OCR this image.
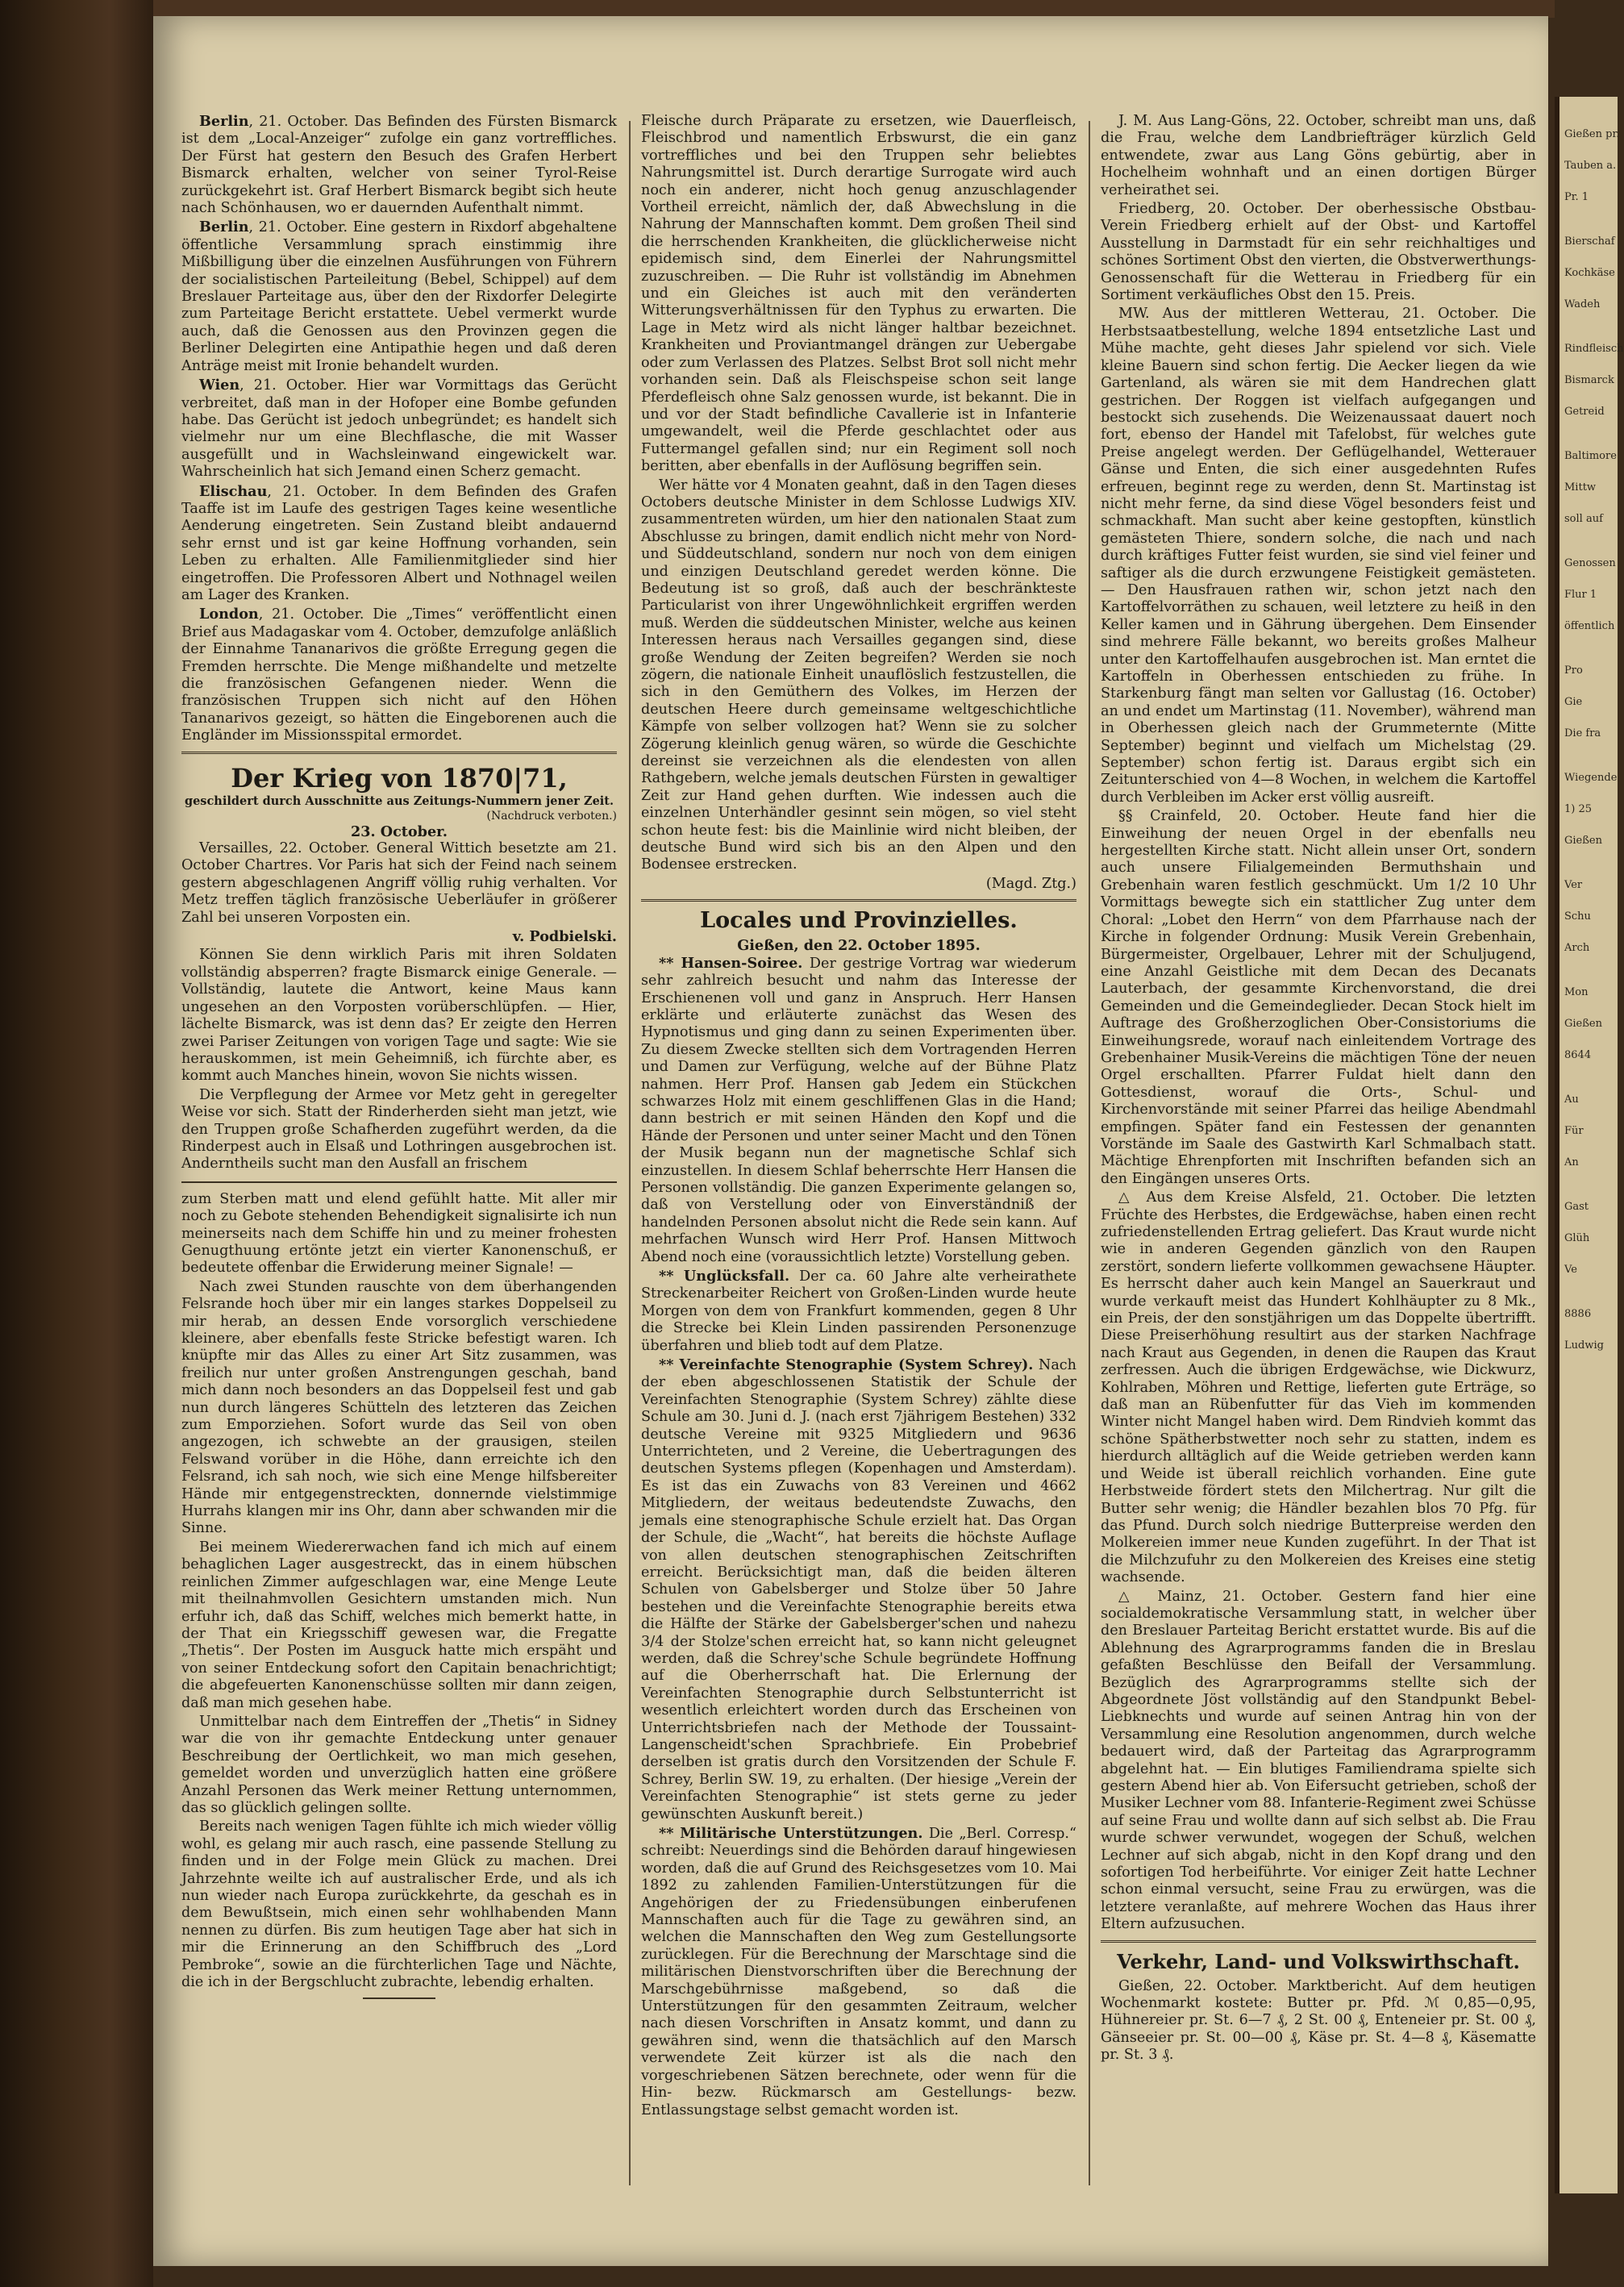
Berlin, 21. October. Das Befinden des Fürsten Bismarck ist dem „Local-Anzeiger“ zufolge ein ganz vortreffliches. Der Fürst hat gestern den Besuch des Grafen Herbert Bismarck erhalten, welcher von seiner Tyrol-Reise zurückgekehrt ist. Graf Herbert Bismarck begibt sich heute nach Schönhausen, wo er dauernden Aufenthalt nimmt.

Berlin, 21. October. Eine gestern in Rixdorf abgehaltene öffentliche Versammlung sprach einstimmig ihre Mißbilligung über die einzelnen Ausführungen von Führern der socialistischen Parteileitung (Bebel, Schippel) auf dem Breslauer Parteitage aus, über den der Rixdorfer Delegirte zum Parteitage Bericht erstattete. Uebel vermerkt wurde auch, daß die Genossen aus den Provinzen gegen die Berliner Delegirten eine Antipathie hegen und daß deren Anträge meist mit Ironie behandelt wurden.

Wien, 21. October. Hier war Vormittags das Gerücht verbreitet, daß man in der Hofoper eine Bombe gefunden habe. Das Gerücht ist jedoch unbegründet; es handelt sich vielmehr nur um eine Blechflasche, die mit Wasser ausgefüllt und in Wachsleinwand eingewickelt war. Wahrscheinlich hat sich Jemand einen Scherz gemacht.

Elischau, 21. October. In dem Befinden des Grafen Taaffe ist im Laufe des gestrigen Tages keine wesentliche Aenderung eingetreten. Sein Zustand bleibt andauernd sehr ernst und ist gar keine Hoffnung vorhanden, sein Leben zu erhalten. Alle Familienmitglieder sind hier eingetroffen. Die Professoren Albert und Nothnagel weilen am Lager des Kranken.

London, 21. October. Die „Times“ veröffentlicht einen Brief aus Madagaskar vom 4. October, demzufolge anläßlich der Einnahme Tananarivos die größte Erregung gegen die Fremden herrschte. Die Menge mißhandelte und metzelte die französischen Gefangenen nieder. Wenn die französischen Truppen sich nicht auf den Höhen Tananarivos gezeigt, so hätten die Eingeborenen auch die Engländer im Missionsspital ermordet.

Der Krieg von 1870|71,
geschildert durch Ausschnitte aus Zeitungs-Nummern jener Zeit.
(Nachdruck verboten.)
23. October.

Versailles, 22. October. General Wittich besetzte am 21. October Chartres. Vor Paris hat sich der Feind nach seinem gestern abgeschlagenen Angriff völlig ruhig verhalten. Vor Metz treffen täglich französische Ueberläufer in größerer Zahl bei unseren Vorposten ein.

v. Podbielski.

Können Sie denn wirklich Paris mit ihren Soldaten vollständig absperren? fragte Bismarck einige Generale. — Vollständig, lautete die Antwort, keine Maus kann ungesehen an den Vorposten vorüberschlüpfen. — Hier, lächelte Bismarck, was ist denn das? Er zeigte den Herren zwei Pariser Zeitungen von vorigen Tage und sagte: Wie sie herauskommen, ist mein Geheimniß, ich fürchte aber, es kommt auch Manches hinein, wovon Sie nichts wissen.

Die Verpflegung der Armee vor Metz geht in geregelter Weise vor sich. Statt der Rinderherden sieht man jetzt, wie den Truppen große Schafherden zugeführt werden, da die Rinderpest auch in Elsaß und Lothringen ausgebrochen ist. Anderntheils sucht man den Ausfall an frischem

zum Sterben matt und elend gefühlt hatte. Mit aller mir noch zu Gebote stehenden Behendigkeit signalisirte ich nun meinerseits nach dem Schiffe hin und zu meiner frohesten Genugthuung ertönte jetzt ein vierter Kanonenschuß, er bedeutete offenbar die Erwiderung meiner Signale! —

Nach zwei Stunden rauschte von dem überhangenden Felsrande hoch über mir ein langes starkes Doppelseil zu mir herab, an dessen Ende vorsorglich verschiedene kleinere, aber ebenfalls feste Stricke befestigt waren. Ich knüpfte mir das Alles zu einer Art Sitz zusammen, was freilich nur unter großen Anstrengungen geschah, band mich dann noch besonders an das Doppelseil fest und gab nun durch längeres Schütteln des letzteren das Zeichen zum Emporziehen. Sofort wurde das Seil von oben angezogen, ich schwebte an der grausigen, steilen Felswand vorüber in die Höhe, dann erreichte ich den Felsrand, ich sah noch, wie sich eine Menge hilfsbereiter Hände mir entgegenstreckten, donnernde vielstimmige Hurrahs klangen mir ins Ohr, dann aber schwanden mir die Sinne.

Bei meinem Wiedererwachen fand ich mich auf einem behaglichen Lager ausgestreckt, das in einem hübschen reinlichen Zimmer aufgeschlagen war, eine Menge Leute mit theilnahmvollen Gesichtern umstanden mich. Nun erfuhr ich, daß das Schiff, welches mich bemerkt hatte, in der That ein Kriegsschiff gewesen war, die Fregatte „Thetis“. Der Posten im Ausguck hatte mich erspäht und von seiner Entdeckung sofort den Capitain benachrichtigt; die abgefeuerten Kanonenschüsse sollten mir dann zeigen, daß man mich gesehen habe.

Unmittelbar nach dem Eintreffen der „Thetis“ in Sidney war die von ihr gemachte Entdeckung unter genauer Beschreibung der Oertlichkeit, wo man mich gesehen, gemeldet worden und unverzüglich hatten eine größere Anzahl Personen das Werk meiner Rettung unternommen, das so glücklich gelingen sollte.

Bereits nach wenigen Tagen fühlte ich mich wieder völlig wohl, es gelang mir auch rasch, eine passende Stellung zu finden und in der Folge mein Glück zu machen. Drei Jahrzehnte weilte ich auf australischer Erde, und als ich nun wieder nach Europa zurückkehrte, da geschah es in dem Bewußtsein, mich einen sehr wohlhabenden Mann nennen zu dürfen. Bis zum heutigen Tage aber hat sich in mir die Erinnerung an den Schiffbruch des „Lord Pembroke“, sowie an die fürchterlichen Tage und Nächte, die ich in der Bergschlucht zubrachte, lebendig erhalten.

Fleische durch Präparate zu ersetzen, wie Dauerfleisch, Fleischbrod und namentlich Erbswurst, die ein ganz vortreffliches und bei den Truppen sehr beliebtes Nahrungsmittel ist. Durch derartige Surrogate wird auch noch ein anderer, nicht hoch genug anzuschlagender Vortheil erreicht, nämlich der, daß Abwechslung in die Nahrung der Mannschaften kommt. Dem großen Theil sind die herrschenden Krankheiten, die glücklicherweise nicht epidemisch sind, dem Einerlei der Nahrungsmittel zuzuschreiben. — Die Ruhr ist vollständig im Abnehmen und ein Gleiches ist auch mit den veränderten Witterungsverhältnissen für den Typhus zu erwarten. Die Lage in Metz wird als nicht länger haltbar bezeichnet. Krankheiten und Proviantmangel drängen zur Uebergabe oder zum Verlassen des Platzes. Selbst Brot soll nicht mehr vorhanden sein. Daß als Fleischspeise schon seit lange Pferdefleisch ohne Salz genossen wurde, ist bekannt. Die in und vor der Stadt befindliche Cavallerie ist in Infanterie umgewandelt, weil die Pferde geschlachtet oder aus Futtermangel gefallen sind; nur ein Regiment soll noch beritten, aber ebenfalls in der Auflösung begriffen sein.

Wer hätte vor 4 Monaten geahnt, daß in den Tagen dieses Octobers deutsche Minister in dem Schlosse Ludwigs XIV. zusammentreten würden, um hier den nationalen Staat zum Abschlusse zu bringen, damit endlich nicht mehr von Nord- und Süddeutschland, sondern nur noch von dem einigen und einzigen Deutschland geredet werden könne. Die Bedeutung ist so groß, daß auch der beschränkteste Particularist von ihrer Ungewöhnlichkeit ergriffen werden muß. Werden die süddeutschen Minister, welche aus keinen Interessen heraus nach Versailles gegangen sind, diese große Wendung der Zeiten begreifen? Werden sie noch zögern, die nationale Einheit unauflöslich festzustellen, die sich in den Gemüthern des Volkes, im Herzen der deutschen Heere durch gemeinsame weltgeschichtliche Kämpfe von selber vollzogen hat? Wenn sie zu solcher Zögerung kleinlich genug wären, so würde die Geschichte dereinst sie verzeichnen als die elendesten von allen Rathgebern, welche jemals deutschen Fürsten in gewaltiger Zeit zur Hand gehen durften. Wie indessen auch die einzelnen Unterhändler gesinnt sein mögen, so viel steht schon heute fest: bis die Mainlinie wird nicht bleiben, der deutsche Bund wird sich bis an den Alpen und den Bodensee erstrecken.

(Magd. Ztg.)

Locales und Provinzielles.
Gießen, den 22. October 1895.

** Hansen-Soiree. Der gestrige Vortrag war wiederum sehr zahlreich besucht und nahm das Interesse der Erschienenen voll und ganz in Anspruch. Herr Hansen erklärte und erläuterte zunächst das Wesen des Hypnotismus und ging dann zu seinen Experimenten über. Zu diesem Zwecke stellten sich dem Vortragenden Herren und Damen zur Verfügung, welche auf der Bühne Platz nahmen. Herr Prof. Hansen gab Jedem ein Stückchen schwarzes Holz mit einem geschliffenen Glas in die Hand; dann bestrich er mit seinen Händen den Kopf und die Hände der Personen und unter seiner Macht und den Tönen der Musik begann nun der magnetische Schlaf sich einzustellen. In diesem Schlaf beherrschte Herr Hansen die Personen vollständig. Die ganzen Experimente gelangen so, daß von Verstellung oder von Einverständniß der handelnden Personen absolut nicht die Rede sein kann. Auf mehrfachen Wunsch wird Herr Prof. Hansen Mittwoch Abend noch eine (voraussichtlich letzte) Vorstellung geben.

** Unglücksfall. Der ca. 60 Jahre alte verheirathete Streckenarbeiter Reichert von Großen-Linden wurde heute Morgen von dem von Frankfurt kommenden, gegen 8 Uhr die Strecke bei Klein Linden passirenden Personenzuge überfahren und blieb todt auf dem Platze.

** Vereinfachte Stenographie (System Schrey). Nach der eben abgeschlossenen Statistik der Schule der Vereinfachten Stenographie (System Schrey) zählte diese Schule am 30. Juni d. J. (nach erst 7jährigem Bestehen) 332 deutsche Vereine mit 9325 Mitgliedern und 9636 Unterrichteten, und 2 Vereine, die Uebertragungen des deutschen Systems pflegen (Kopenhagen und Amsterdam). Es ist das ein Zuwachs von 83 Vereinen und 4662 Mitgliedern, der weitaus bedeutendste Zuwachs, den jemals eine stenographische Schule erzielt hat. Das Organ der Schule, die „Wacht“, hat bereits die höchste Auflage von allen deutschen stenographischen Zeitschriften erreicht. Berücksichtigt man, daß die beiden älteren Schulen von Gabelsberger und Stolze über 50 Jahre bestehen und die Vereinfachte Stenographie bereits etwa die Hälfte der Stärke der Gabelsberger'schen und nahezu 3/4 der Stolze'schen erreicht hat, so kann nicht geleugnet werden, daß die Schrey'sche Schule begründete Hoffnung auf die Oberherrschaft hat. Die Erlernung der Vereinfachten Stenographie durch Selbstunterricht ist wesentlich erleichtert worden durch das Erscheinen von Unterrichtsbriefen nach der Methode der Toussaint-Langenscheidt'schen Sprachbriefe. Ein Probebrief derselben ist gratis durch den Vorsitzenden der Schule F. Schrey, Berlin SW. 19, zu erhalten. (Der hiesige „Verein der Vereinfachten Stenographie“ ist stets gerne zu jeder gewünschten Auskunft bereit.)

** Militärische Unterstützungen. Die „Berl. Corresp.“ schreibt: Neuerdings sind die Behörden darauf hingewiesen worden, daß die auf Grund des Reichsgesetzes vom 10. Mai 1892 zu zahlenden Familien-Unterstützungen für die Angehörigen der zu Friedensübungen einberufenen Mannschaften auch für die Tage zu gewähren sind, an welchen die Mannschaften den Weg zum Gestellungsorte zurücklegen. Für die Berechnung der Marschtage sind die militärischen Dienstvorschriften über die Berechnung der Marschgebührnisse maßgebend, so daß die Unterstützungen für den gesammten Zeitraum, welcher nach diesen Vorschriften in Ansatz kommt, und dann zu gewähren sind, wenn die thatsächlich auf den Marsch verwendete Zeit kürzer ist als die nach den vorgeschriebenen Sätzen berechnete, oder wenn für die Hin- bezw. Rückmarsch am Gestellungs- bezw. Entlassungstage selbst gemacht worden ist.

J. M. Aus Lang-Göns, 22. October, schreibt man uns, daß die Frau, welche dem Landbriefträger kürzlich Geld entwendete, zwar aus Lang Göns gebürtig, aber in Hochelheim wohnhaft und an einen dortigen Bürger verheirathet sei.

Friedberg, 20. October. Der oberhessische Obstbau-Verein Friedberg erhielt auf der Obst- und Kartoffel Ausstellung in Darmstadt für ein sehr reichhaltiges und schönes Sortiment Obst den vierten, die Obstverwerthungs-Genossenschaft für die Wetterau in Friedberg für ein Sortiment verkäufliches Obst den 15. Preis.

MW. Aus der mittleren Wetterau, 21. October. Die Herbstsaatbestellung, welche 1894 entsetzliche Last und Mühe machte, geht dieses Jahr spielend vor sich. Viele kleine Bauern sind schon fertig. Die Aecker liegen da wie Gartenland, als wären sie mit dem Handrechen glatt gestrichen. Der Roggen ist vielfach aufgegangen und bestockt sich zusehends. Die Weizenaussaat dauert noch fort, ebenso der Handel mit Tafelobst, für welches gute Preise angelegt werden. Der Geflügelhandel, Wetterauer Gänse und Enten, die sich einer ausgedehnten Rufes erfreuen, beginnt rege zu werden, denn St. Martinstag ist nicht mehr ferne, da sind diese Vögel besonders feist und schmackhaft. Man sucht aber keine gestopften, künstlich gemästeten Thiere, sondern solche, die nach und nach durch kräftiges Futter feist wurden, sie sind viel feiner und saftiger als die durch erzwungene Feistigkeit gemästeten. — Den Hausfrauen rathen wir, schon jetzt nach den Kartoffelvorräthen zu schauen, weil letztere zu heiß in den Keller kamen und in Gährung übergehen. Dem Einsender sind mehrere Fälle bekannt, wo bereits großes Malheur unter den Kartoffelhaufen ausgebrochen ist. Man erntet die Kartoffeln in Oberhessen entschieden zu frühe. In Starkenburg fängt man selten vor Gallustag (16. October) an und endet um Martinstag (11. November), während man in Oberhessen gleich nach der Grummeternte (Mitte September) beginnt und vielfach um Michelstag (29. September) schon fertig ist. Daraus ergibt sich ein Zeitunterschied von 4—8 Wochen, in welchem die Kartoffel durch Verbleiben im Acker erst völlig ausreift.

§§ Crainfeld, 20. October. Heute fand hier die Einweihung der neuen Orgel in der ebenfalls neu hergestellten Kirche statt. Nicht allein unser Ort, sondern auch unsere Filialgemeinden Bermuthshain und Grebenhain waren festlich geschmückt. Um 1/2 10 Uhr Vormittags bewegte sich ein stattlicher Zug unter dem Choral: „Lobet den Herrn“ von dem Pfarrhause nach der Kirche in folgender Ordnung: Musik Verein Grebenhain, Bürgermeister, Orgelbauer, Lehrer mit der Schuljugend, eine Anzahl Geistliche mit dem Decan des Decanats Lauterbach, der gesammte Kirchenvorstand, die drei Gemeinden und die Gemeindeglieder. Decan Stock hielt im Auftrage des Großherzoglichen Ober-Consistoriums die Einweihungsrede, worauf nach einleitendem Vortrage des Grebenhainer Musik-Vereins die mächtigen Töne der neuen Orgel erschallten. Pfarrer Fuldat hielt dann den Gottesdienst, worauf die Orts-, Schul- und Kirchenvorstände mit seiner Pfarrei das heilige Abendmahl empfingen. Später fand ein Festessen der genannten Vorstände im Saale des Gastwirth Karl Schmalbach statt. Mächtige Ehrenpforten mit Inschriften befanden sich an den Eingängen unseres Orts.

△ Aus dem Kreise Alsfeld, 21. October. Die letzten Früchte des Herbstes, die Erdgewächse, haben einen recht zufriedenstellenden Ertrag geliefert. Das Kraut wurde nicht wie in anderen Gegenden gänzlich von den Raupen zerstört, sondern lieferte vollkommen gewachsene Häupter. Es herrscht daher auch kein Mangel an Sauerkraut und wurde verkauft meist das Hundert Kohlhäupter zu 8 Mk., ein Preis, der den sonstjährigen um das Doppelte übertrifft. Diese Preiserhöhung resultirt aus der starken Nachfrage nach Kraut aus Gegenden, in denen die Raupen das Kraut zerfressen. Auch die übrigen Erdgewächse, wie Dickwurz, Kohlraben, Möhren und Rettige, lieferten gute Erträge, so daß man an Rübenfutter für das Vieh im kommenden Winter nicht Mangel haben wird. Dem Rindvieh kommt das schöne Spätherbstwetter noch sehr zu statten, indem es hierdurch alltäglich auf die Weide getrieben werden kann und Weide ist überall reichlich vorhanden. Eine gute Herbstweide fördert stets den Milchertrag. Nur gilt die Butter sehr wenig; die Händler bezahlen blos 70 Pfg. für das Pfund. Durch solch niedrige Butterpreise werden den Molkereien immer neue Kunden zugeführt. In der That ist die Milchzufuhr zu den Molkereien des Kreises eine stetig wachsende.

△ Mainz, 21. October. Gestern fand hier eine socialdemokratische Versammlung statt, in welcher über den Breslauer Parteitag Bericht erstattet wurde. Bis auf die Ablehnung des Agrarprogramms fanden die in Breslau gefaßten Beschlüsse den Beifall der Versammlung. Bezüglich des Agrarprogramms stellte sich der Abgeordnete Jöst vollständig auf den Standpunkt Bebel-Liebknechts und wurde auf seinen Antrag hin von der Versammlung eine Resolution angenommen, durch welche bedauert wird, daß der Parteitag das Agrarprogramm abgelehnt hat. — Ein blutiges Familiendrama spielte sich gestern Abend hier ab. Von Eifersucht getrieben, schoß der Musiker Lechner vom 88. Infanterie-Regiment zwei Schüsse auf seine Frau und wollte dann auf sich selbst ab. Die Frau wurde schwer verwundet, wogegen der Schuß, welchen Lechner auf sich abgab, nicht in den Kopf drang und den sofortigen Tod herbeiführte. Vor einiger Zeit hatte Lechner schon einmal versucht, seine Frau zu erwürgen, was die letztere veranlaßte, auf mehrere Wochen das Haus ihrer Eltern aufzusuchen.

Verkehr, Land- und Volkswirthschaft.

Gießen, 22. October. Marktbericht. Auf dem heutigen Wochenmarkt kostete: Butter pr. Pfd. ℳ 0,85—0,95, Hühnereier pr. St. 6—7 ₰, 2 St. 00 ₰, Enteneier pr. St. 00 ₰, Gänseeier pr. St. 00—00 ₰, Käse pr. St. 4—8 ₰, Käsematte pr. St. 3 ₰.

Gießen pr.
Tauben a.
Pr. 1
Bierschaf
Kochkäse
Wadeh
Rindfleisch
Bismarck
Getreid
Baltimore
Mittw
soll auf
Genossen
Flur 1
öffentlich
Pro
Gie
Die fra
Wiegende
1) 25
Gießen
Ver
Schu
Arch
Mon
Gießen
8644
Au
Für
An
Gast
Glüh
Ve
8886
Ludwig
